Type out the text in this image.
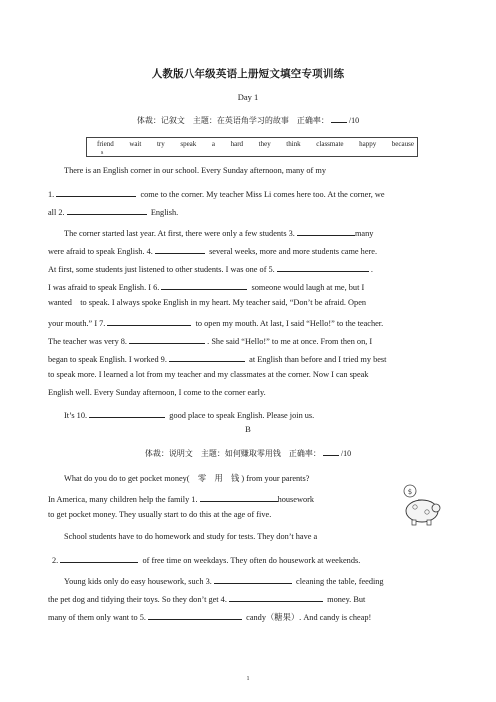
人教版八年级英语上册短文填空专项训练
Day 1
体裁：记叙文　主题：在英语角学习的故事　正确率：	/10
friend wait try speak a hard they think classmate happy because
s
There is an English corner in our school. Every Sunday afternoon, many of my
1.	come to the corner. My teacher Miss Li comes here too. At the corner, we
all 2.	English.
The corner started last year. At first, there were only a few students 3.	many
were afraid to speak English. 4.	several weeks, more and more students came here.
At first, some students just listened to other students. I was one of 5.	.
I was afraid to speak English. I 6.	someone would laugh at me, but I
wanted　to speak. I always spoke English in my heart. My teacher said, “Don’t be afraid. Open
your mouth.” I 7.	to open my mouth. At last, I said “Hello!” to the teacher.
The teacher was very 8.	. She said “Hello!” to me at once. From then on, I
began to speak English. I worked 9.	at English than before and I tried my best
to speak more. I learned a lot from my teacher and my classmates at the corner. Now I can speak
English well. Every Sunday afternoon, I come to the corner early.
B
体裁：说明文　主题：如何赚取零用钱　正确率：	/10
$
What do you do to get pocket money(　零　用　钱 ) from your parents?
In America, many children help the family 1.	housework
to get pocket money. They usually start to do this at the age of five.
School students have to do homework and study for tests. They don’t have a
2.	of free time on weekdays. They often do housework at weekends.
Young kids only do easy housework, such 3.	cleaning the table, feeding
the pet dog and tidying their toys. So they don’t get 4.	money. But
many of them only want to 5.	candy（糖果）. And candy is cheap!
1
It’s 10.	good place to speak English. Please join us.
